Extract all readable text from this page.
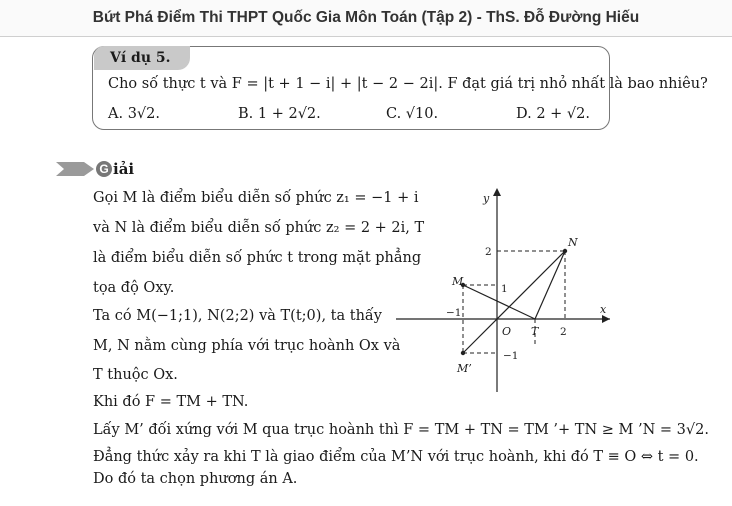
Bứt Phá Điểm Thi THPT Quốc Gia Môn Toán (Tập 2) - ThS. Đỗ Đường Hiếu
Ví dụ 5.
Cho số thực t và F = |t + 1 − i| + |t − 2 − 2i|. F đạt giá trị nhỏ nhất là bao nhiêu?
A. 3√2.	B. 1 + 2√2.	C. √10.	D. 2 + √2.
G iải
Gọi M là điểm biểu diễn số phức z₁ = −1 + i
và N là điểm biểu diễn số phức z₂ = 2 + 2i, T
là điểm biểu diễn số phức t trong mặt phẳng
tọa độ Oxy.
Ta có M(−1;1), N(2;2) và T(t;0), ta thấy
M, N nằm cùng phía với trục hoành Ox và
T thuộc Ox.
Khi đó F = TM + TN.
Lấy M’ đối xứng với M qua trục hoành thì F = TM + TN = TM ’+ TN ≥ M ’N = 3√2.
Đẳng thức xảy ra khi T là giao điểm của M’N với trục hoành, khi đó T ≡ O ⇔ t = 0.
Do đó ta chọn phương án A.
x
y
N
M
M’
O T
2
1
−1
2
−1
